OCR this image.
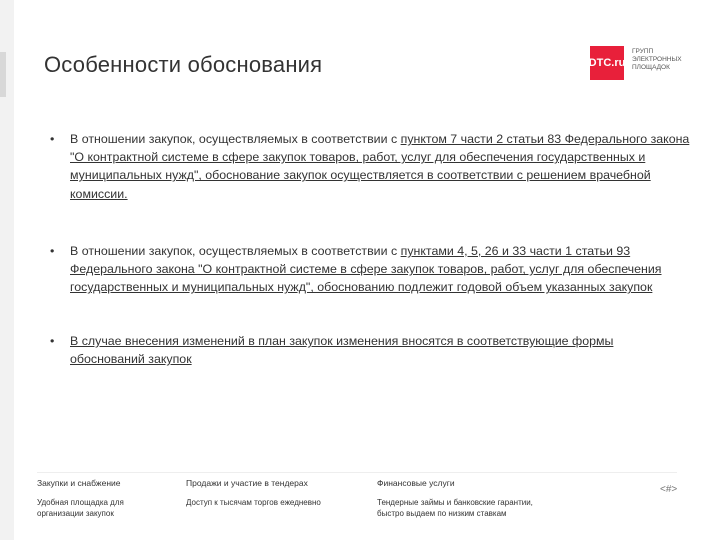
Особенности обоснования	DTC.ru
ГРУПП
ЭЛЕКТРОННЫХ
ПЛОЩАДОК
• В отношении закупок, осуществляемых в соответствии с пунктом 7 части 2 статьи 83 Федерального закона "О контрактной системе в сфере закупок товаров, работ, услуг для обеспечения государственных и муниципальных нужд", обоснование закупок осуществляется в соответствии с решением врачебной комиссии.
• В отношении закупок, осуществляемых в соответствии с пунктами 4, 5, 26 и 33 части 1 статьи 93 Федерального закона "О контрактной системе в сфере закупок товаров, работ, услуг для обеспечения государственных и муниципальных нужд", обоснованию подлежит годовой объем указанных закупок
• В случае внесения изменений в план закупок изменения вносятся в соответствующие формы обоснований закупок
Закупки и снабжение
Удобная площадка для организации закупок
Продажи и участие в тендерах
Доступ к тысячам торгов ежедневно
Финансовые услуги
Тендерные займы и банковские гарантии, быстро выдаем по низким ставкам
<#>
